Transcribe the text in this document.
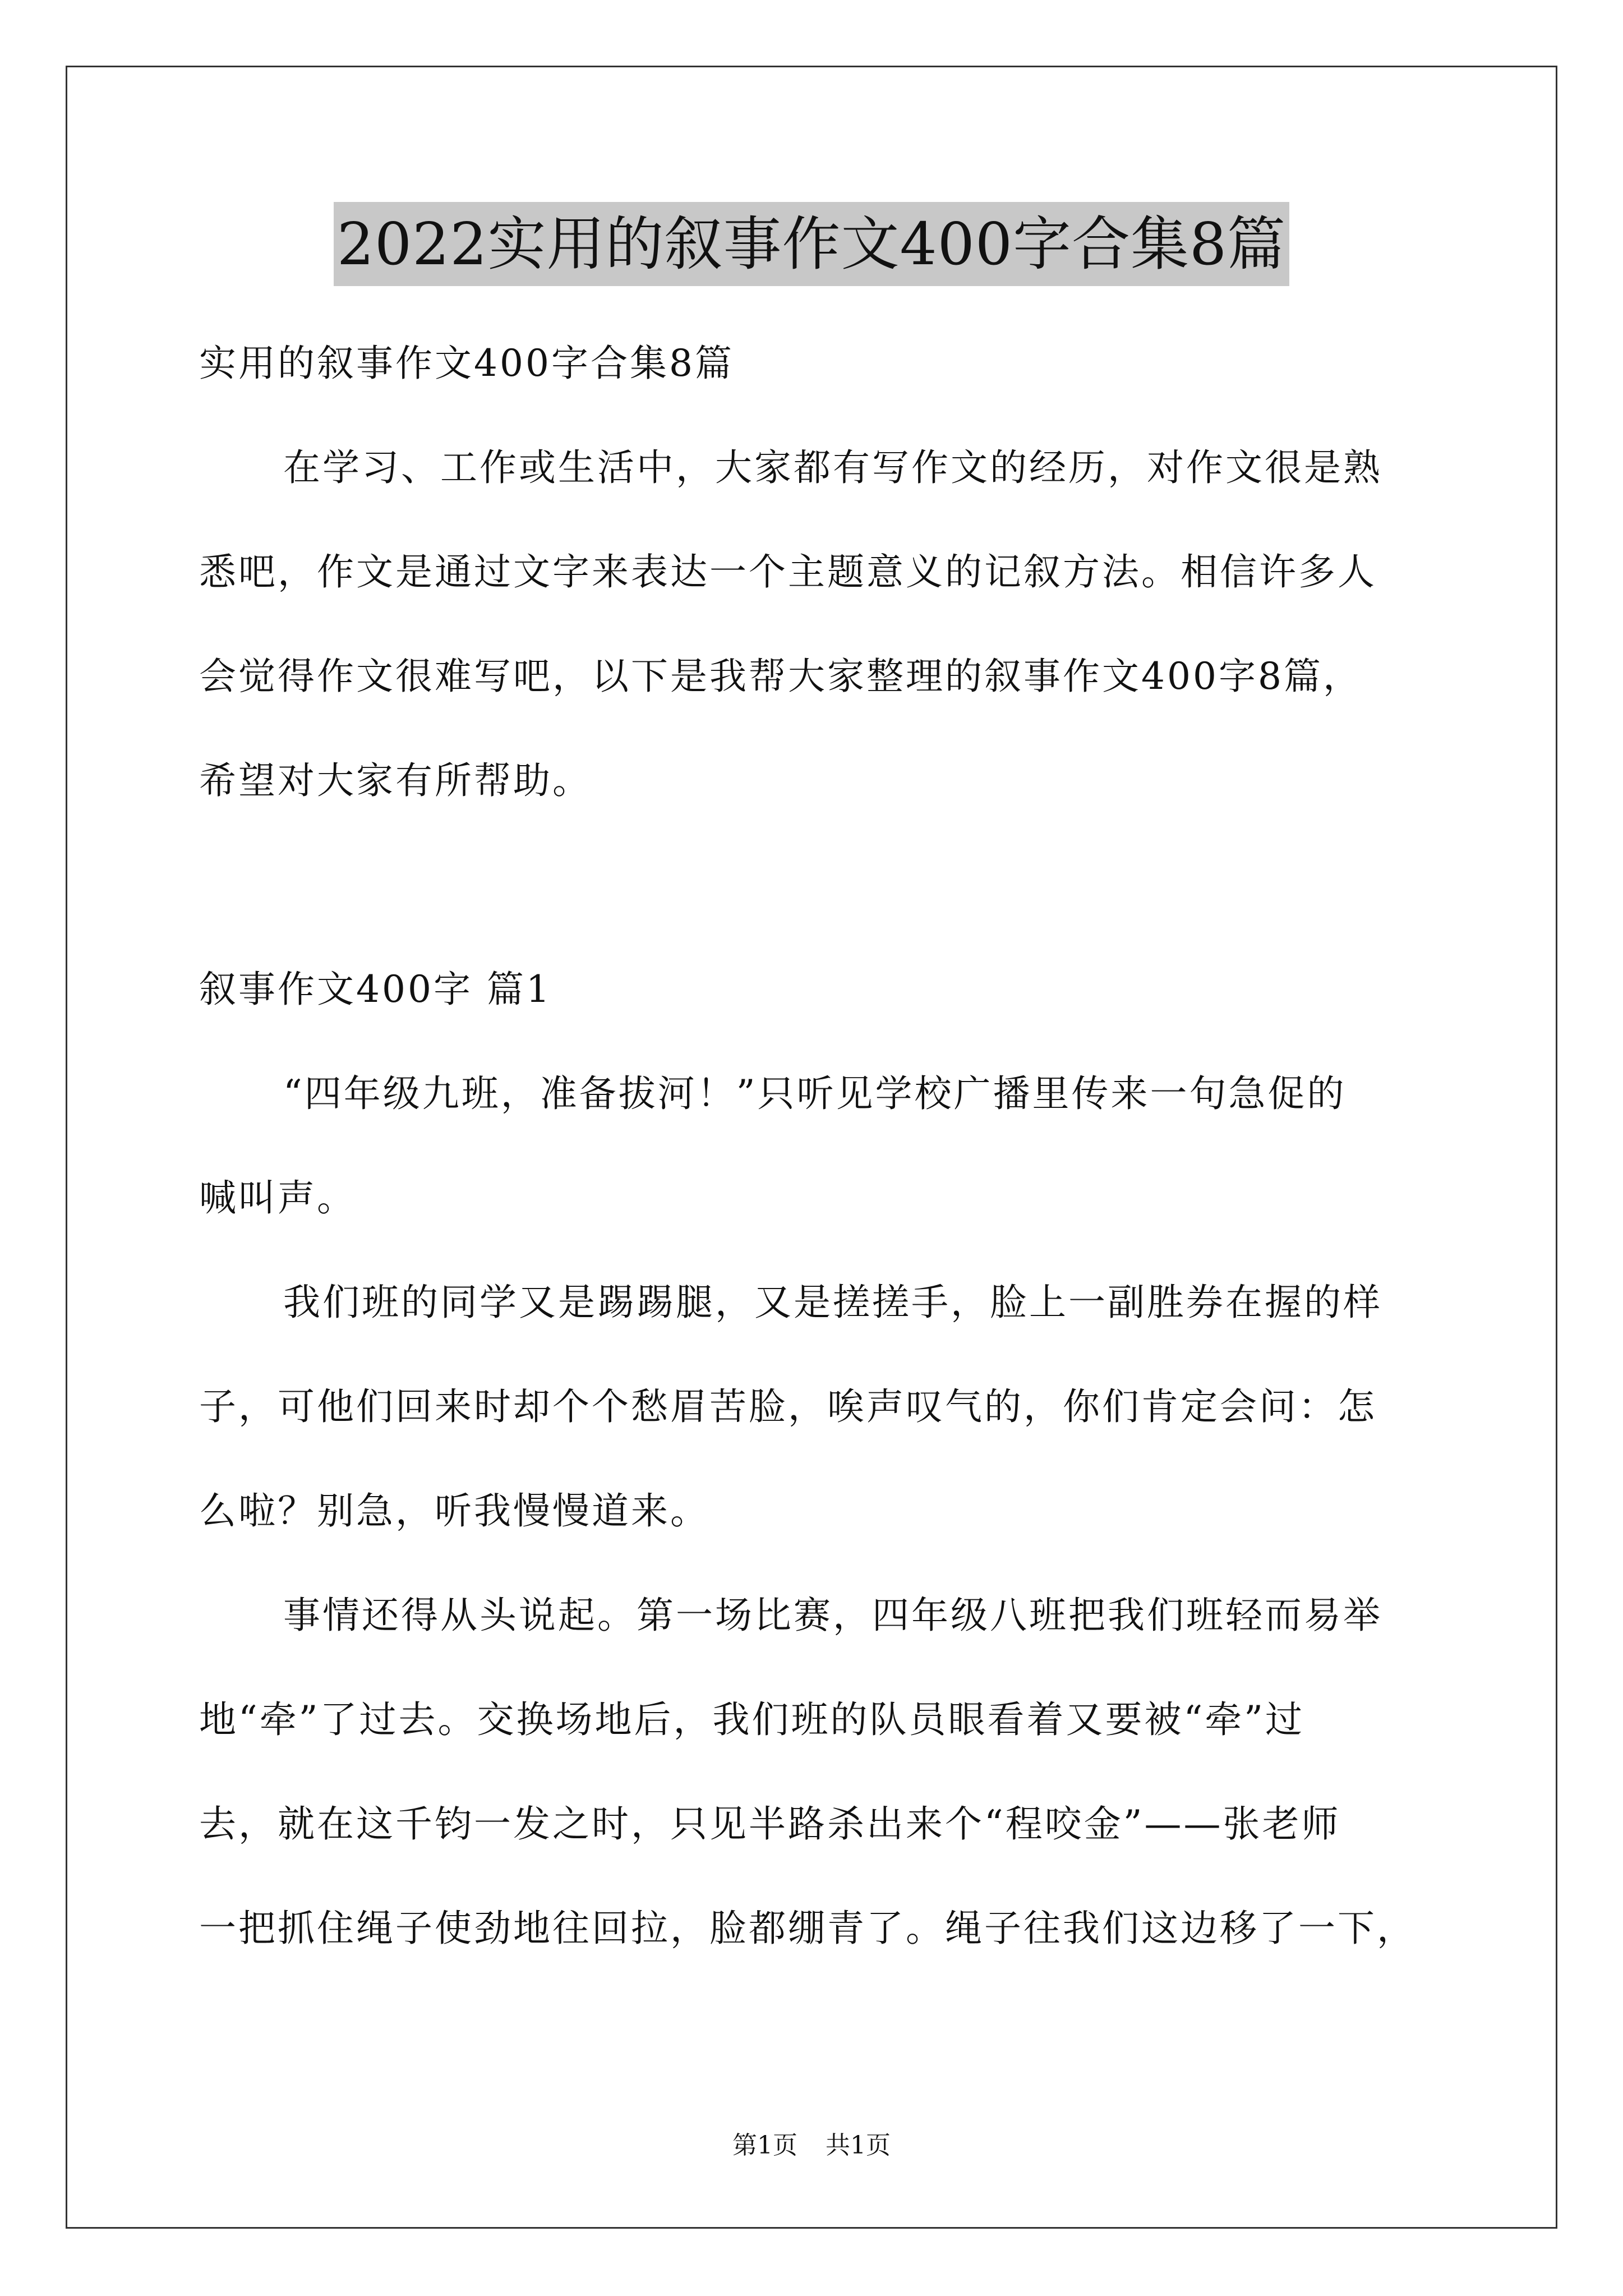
2022实用的叙事作文400字合集8篇
实用的叙事作文400字合集8篇
在学习、工作或生活中，大家都有写作文的经历，对作文很是熟
悉吧，作文是通过文字来表达一个主题意义的记叙方法。相信许多人
会觉得作文很难写吧，以下是我帮大家整理的叙事作文400字8篇，
希望对大家有所帮助。
叙事作文400字 篇1
“四年级九班，准备拔河！”只听见学校广播里传来一句急促的
喊叫声。
我们班的同学又是踢踢腿，又是搓搓手，脸上一副胜券在握的样
子，可他们回来时却个个愁眉苦脸，唉声叹气的，你们肯定会问：怎
么啦？别急，听我慢慢道来。
事情还得从头说起。第一场比赛，四年级八班把我们班轻而易举
地“牵”了过去。交换场地后，我们班的队员眼看着又要被“牵”过
去，就在这千钧一发之时，只见半路杀出来个“程咬金”——张老师
一把抓住绳子使劲地往回拉，脸都绷青了。绳子往我们这边移了一下，
第1页 共1页
